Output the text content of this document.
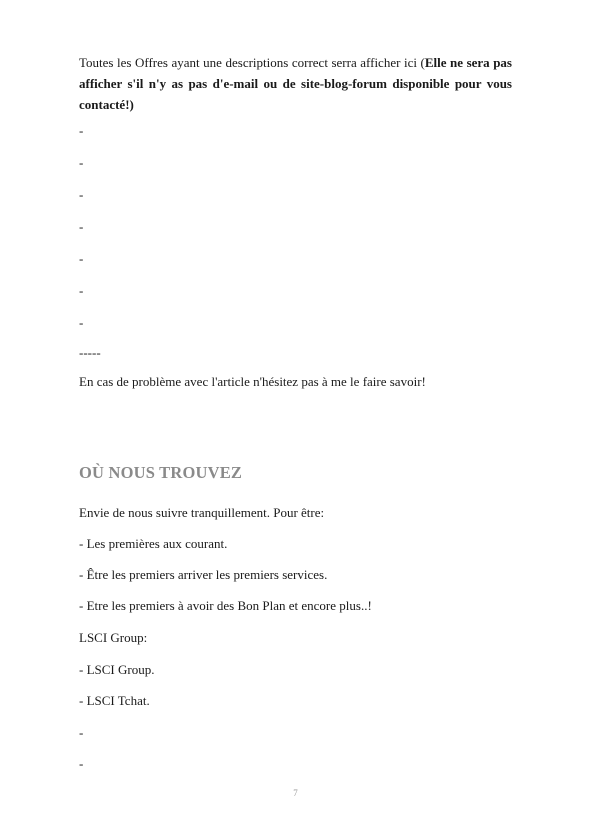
Toutes les Offres ayant une descriptions correct serra afficher ici (Elle ne sera pas afficher s'il n'y as pas d'e-mail ou de site-blog-forum disponible pour vous contacté!)

-

-

-

-

-

-

-

-----

En cas de problème avec l'article n'hésitez pas à me le faire savoir!

OÙ NOUS TROUVEZ

Envie de nous suivre tranquillement. Pour être:

- Les premières aux courant.

- Être les premiers arriver les premiers services.

- Etre les premiers à avoir des Bon Plan et encore plus..!

LSCI Group:

- LSCI Group.

- LSCI Tchat.

-

-

7
